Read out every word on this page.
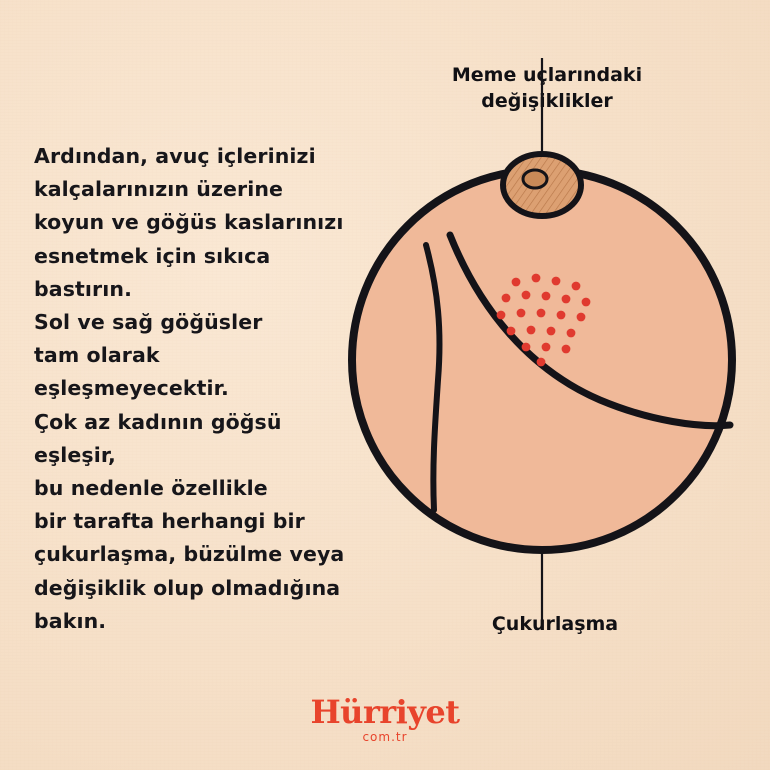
Ardından, avuç içlerinizi
kalçalarınızın üzerine
koyun ve göğüs kaslarınızı
esnetmek için sıkıca bastırın.
Sol ve sağ göğüsler
tam olarak eşleşmeyecektir.
Çok az kadının göğsü eşleşir,
bu nedenle özellikle
bir tarafta herhangi bir
çukurlaşma, büzülme veya
değişiklik olup olmadığına
bakın.
Meme uçlarındaki
değişiklikler
Çukurlaşma
Hürriyet
com.tr
